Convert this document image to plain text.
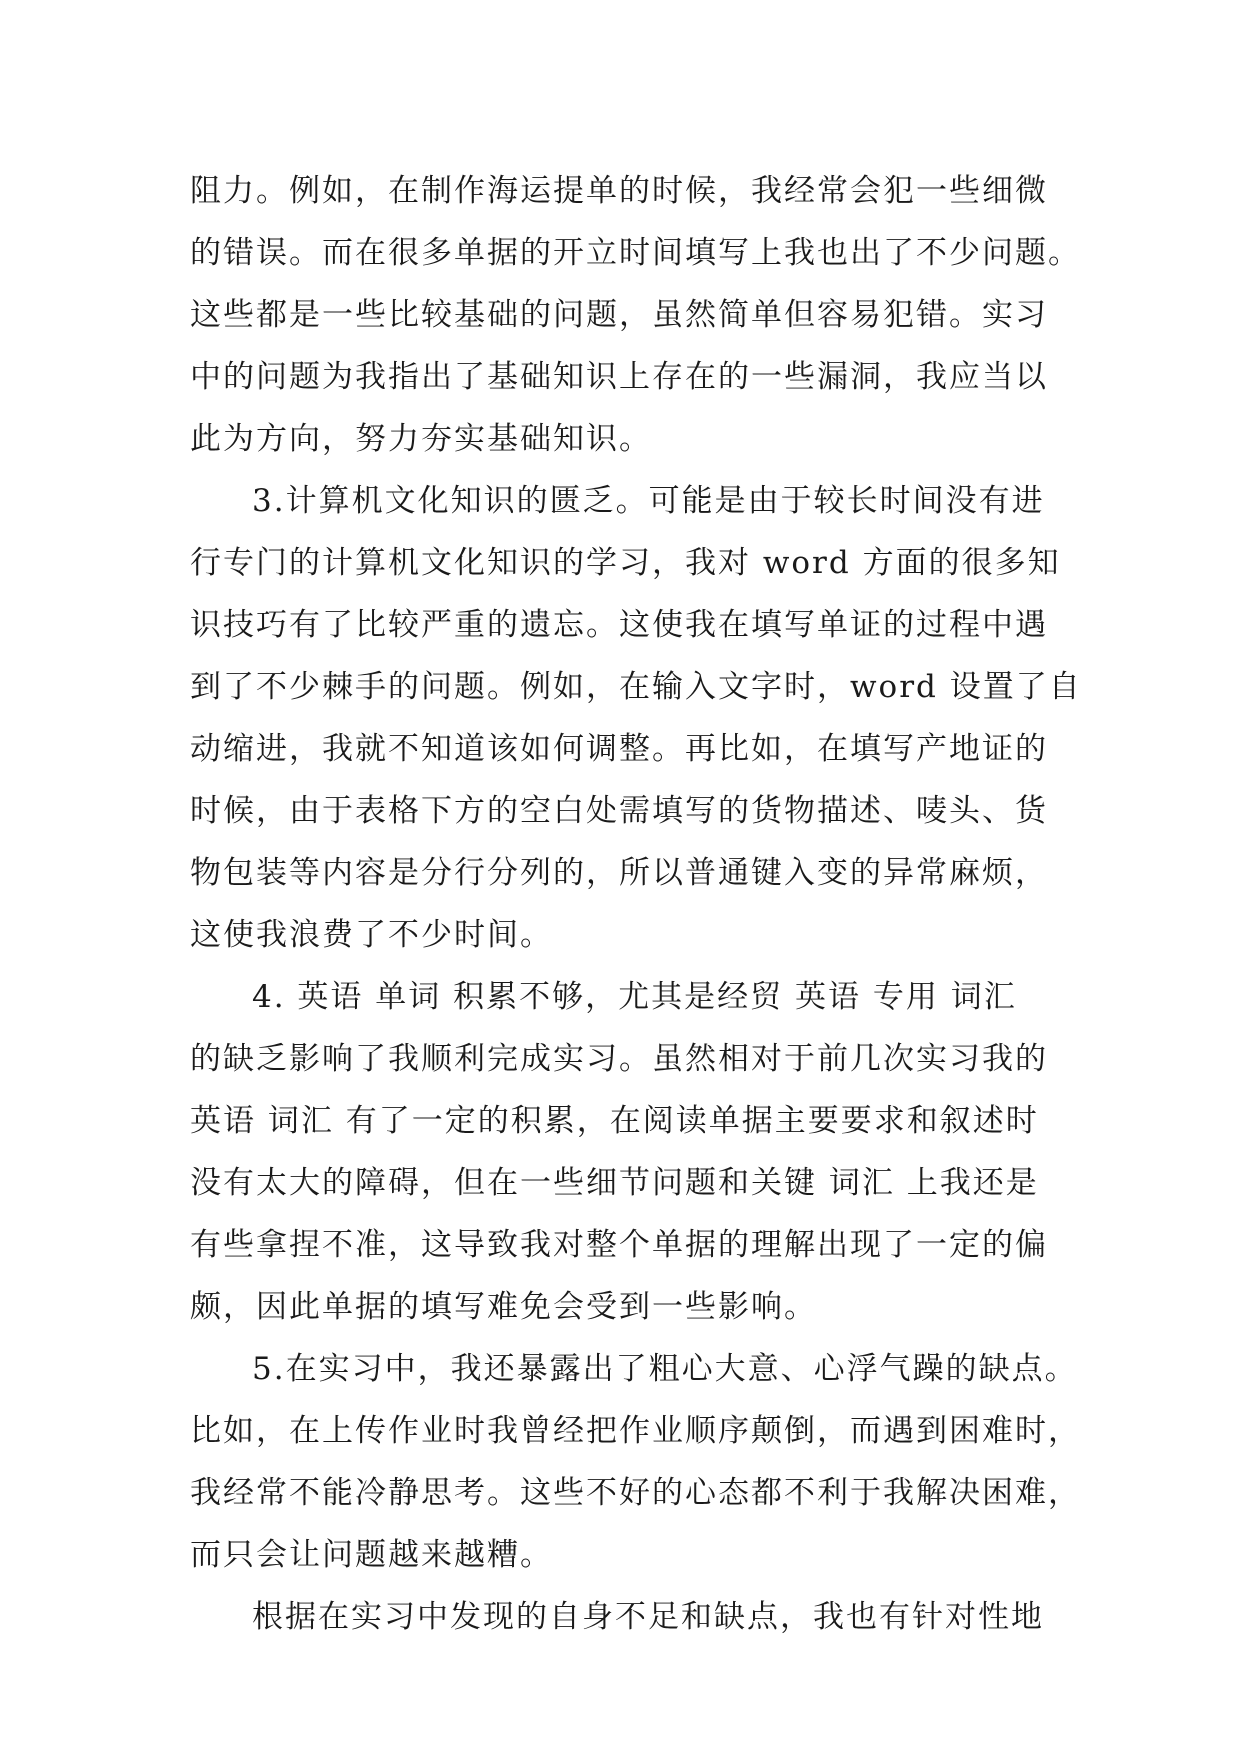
阻力。例如，在制作海运提单的时候，我经常会犯一些细微
的错误。而在很多单据的开立时间填写上我也出了不少问题。
这些都是一些比较基础的问题，虽然简单但容易犯错。实习
中的问题为我指出了基础知识上存在的一些漏洞，我应当以
此为方向，努力夯实基础知识。
3.计算机文化知识的匮乏。可能是由于较长时间没有进
行专门的计算机文化知识的学习，我对 word 方面的很多知
识技巧有了比较严重的遗忘。这使我在填写单证的过程中遇
到了不少棘手的问题。例如，在输入文字时，word 设置了自
动缩进，我就不知道该如何调整。再比如，在填写产地证的
时候，由于表格下方的空白处需填写的货物描述、唛头、货
物包装等内容是分行分列的，所以普通键入变的异常麻烦，
这使我浪费了不少时间。
4. 英语 单词 积累不够，尤其是经贸 英语 专用 词汇
的缺乏影响了我顺利完成实习。虽然相对于前几次实习我的
英语 词汇 有了一定的积累，在阅读单据主要要求和叙述时
没有太大的障碍，但在一些细节问题和关键 词汇 上我还是
有些拿捏不准，这导致我对整个单据的理解出现了一定的偏
颇，因此单据的填写难免会受到一些影响。
5.在实习中，我还暴露出了粗心大意、心浮气躁的缺点。
比如，在上传作业时我曾经把作业顺序颠倒，而遇到困难时，
我经常不能冷静思考。这些不好的心态都不利于我解决困难，
而只会让问题越来越糟。
根据在实习中发现的自身不足和缺点，我也有针对性地
